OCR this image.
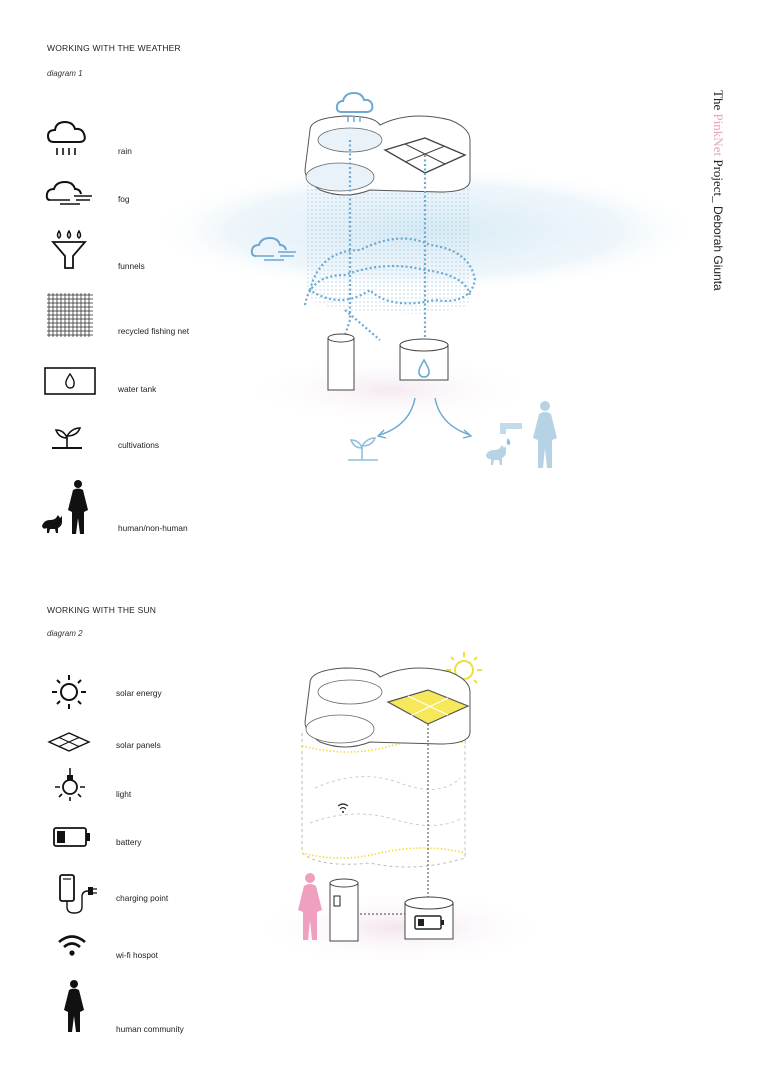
WORKING WITH THE WEATHER
diagram 1
rain
fog
funnels
recycled fishing net
water tank
cultivations
human/non-human
The PinkNet Project_ Deborah Giunta
WORKING WITH THE SUN
diagram 2
solar energy
solar panels
light
battery
charging point
wi-fi hospot
human community
